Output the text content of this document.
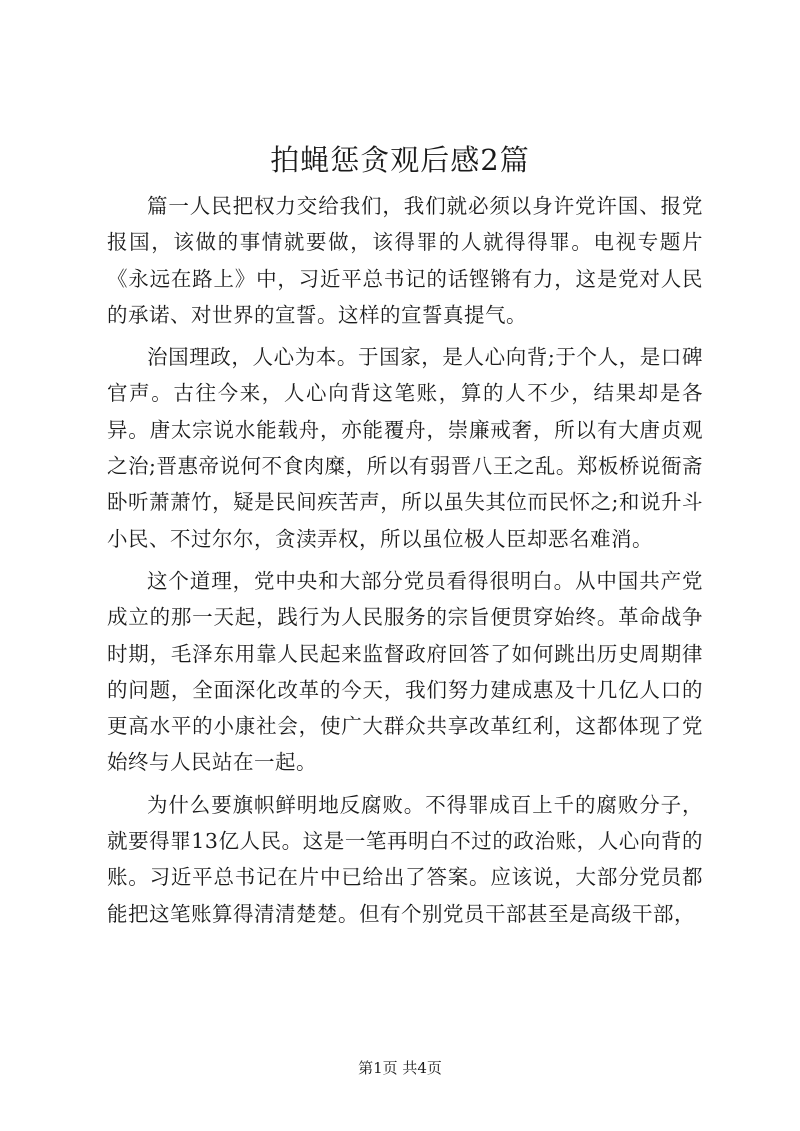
拍蝇惩贪观后感2篇

篇一人民把权力交给我们，我们就必须以身许党许国、报党报国，该做的事情就要做，该得罪的人就得得罪。电视专题片《永远在路上》中，习近平总书记的话铿锵有力，这是党对人民的承诺、对世界的宣誓。这样的宣誓真提气。

治国理政，人心为本。于国家，是人心向背;于个人，是口碑官声。古往今来，人心向背这笔账，算的人不少，结果却是各异。唐太宗说水能载舟，亦能覆舟，崇廉戒奢，所以有大唐贞观之治;晋惠帝说何不食肉糜，所以有弱晋八王之乱。郑板桥说衙斋卧听萧萧竹，疑是民间疾苦声，所以虽失其位而民怀之;和说升斗小民、不过尔尔，贪渎弄权，所以虽位极人臣却恶名难消。

这个道理，党中央和大部分党员看得很明白。从中国共产党成立的那一天起，践行为人民服务的宗旨便贯穿始终。革命战争时期，毛泽东用靠人民起来监督政府回答了如何跳出历史周期律的问题，全面深化改革的今天，我们努力建成惠及十几亿人口的更高水平的小康社会，使广大群众共享改革红利，这都体现了党始终与人民站在一起。

为什么要旗帜鲜明地反腐败。不得罪成百上千的腐败分子，就要得罪13亿人民。这是一笔再明白不过的政治账，人心向背的账。习近平总书记在片中已给出了答案。应该说，大部分党员都能把这笔账算得清清楚楚。但有个别党员干部甚至是高级干部，

第1页 共4页
